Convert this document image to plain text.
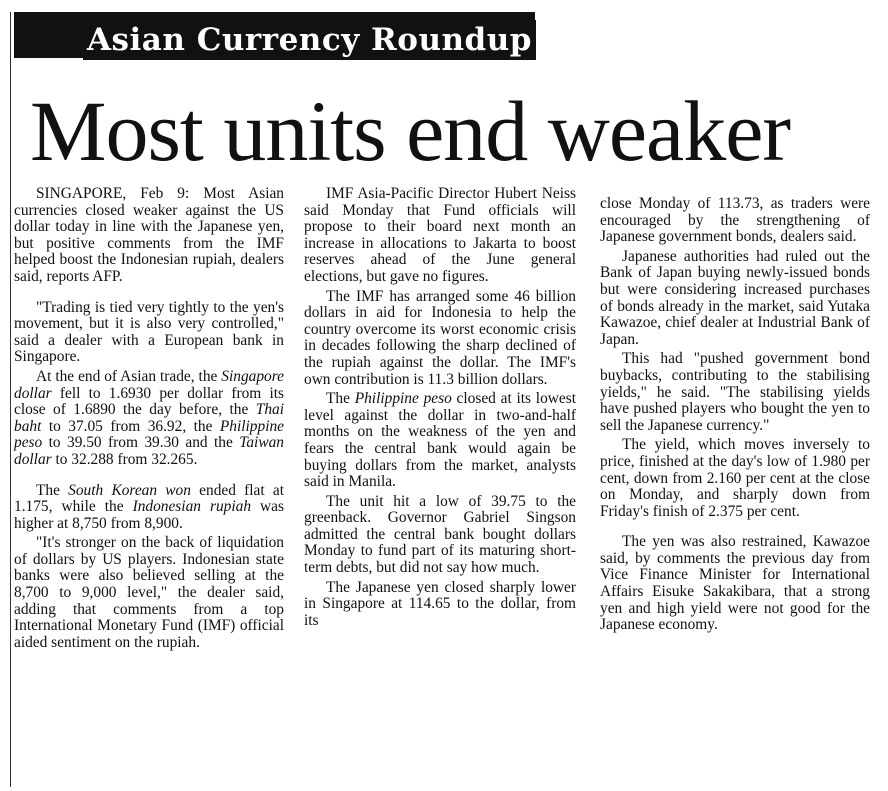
Asian Currency Roundup
Most units end weaker

SINGAPORE, Feb 9: Most Asian currencies closed weaker against the US dollar today in line with the Japanese yen, but positive comments from the IMF helped boost the Indonesian rupiah, dealers said, reports AFP.

"Trading is tied very tightly to the yen's movement, but it is also very controlled," said a dealer with a European bank in Singapore.

At the end of Asian trade, the Singapore dollar fell to 1.6930 per dollar from its close of 1.6890 the day before, the Thai baht to 37.05 from 36.92, the Philippine peso to 39.50 from 39.30 and the Taiwan dollar to 32.288 from 32.265.

The South Korean won ended flat at 1.175, while the Indonesian rupiah was higher at 8,750 from 8,900.

"It's stronger on the back of liquidation of dollars by US players. Indonesian state banks were also believed selling at the 8,700 to 9,000 level," the dealer said, adding that comments from a top International Monetary Fund (IMF) official aided sentiment on the rupiah.

IMF Asia-Pacific Director Hubert Neiss said Monday that Fund officials will propose to their board next month an increase in allocations to Jakarta to boost reserves ahead of the June general elections, but gave no figures.

The IMF has arranged some 46 billion dollars in aid for Indonesia to help the country overcome its worst economic crisis in decades following the sharp declined of the rupiah against the dollar. The IMF's own contribution is 11.3 billion dollars.

The Philippine peso closed at its lowest level against the dollar in two-and-half months on the weakness of the yen and fears the central bank would again be buying dollars from the market, analysts said in Manila.

The unit hit a low of 39.75 to the greenback. Governor Gabriel Singson admitted the central bank bought dollars Monday to fund part of its maturing short-term debts, but did not say how much.

The Japanese yen closed sharply lower in Singapore at 114.65 to the dollar, from its

close Monday of 113.73, as traders were encouraged by the strengthening of Japanese government bonds, dealers said.

Japanese authorities had ruled out the Bank of Japan buying newly-issued bonds but were considering increased purchases of bonds already in the market, said Yutaka Kawazoe, chief dealer at Industrial Bank of Japan.

This had "pushed government bond buybacks, contributing to the stabilising yields," he said. "The stabilising yields have pushed players who bought the yen to sell the Japanese currency."

The yield, which moves inversely to price, finished at the day's low of 1.980 per cent, down from 2.160 per cent at the close on Monday, and sharply down from Friday's finish of 2.375 per cent.

The yen was also restrained, Kawazoe said, by comments the previous day from Vice Finance Minister for International Affairs Eisuke Sakakibara, that a strong yen and high yield were not good for the Japanese economy.
